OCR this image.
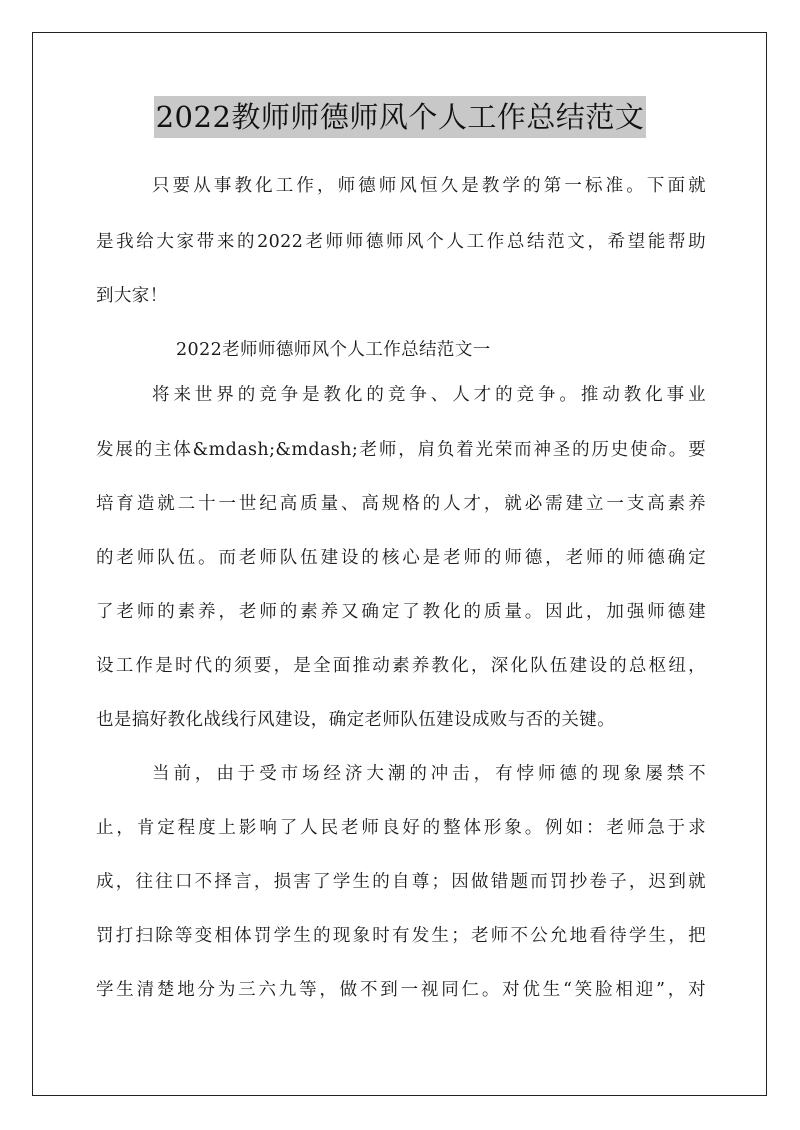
2022教师师德师风个人工作总结范文
只要从事教化工作，师德师风恒久是教学的第一标准。下面就
是我给大家带来的2022老师师德师风个人工作总结范文，希望能帮助
到大家！
2022老师师德师风个人工作总结范文一
将来世界的竞争是教化的竞争、人才的竞争。推动教化事业
发展的主体&mdash;&mdash;老师，肩负着光荣而神圣的历史使命。要
培育造就二十一世纪高质量、高规格的人才，就必需建立一支高素养
的老师队伍。而老师队伍建设的核心是老师的师德，老师的师德确定
了老师的素养，老师的素养又确定了教化的质量。因此，加强师德建
设工作是时代的须要，是全面推动素养教化，深化队伍建设的总枢纽，
也是搞好教化战线行风建设，确定老师队伍建设成败与否的关键。
当前，由于受市场经济大潮的冲击，有悖师德的现象屡禁不
止，肯定程度上影响了人民老师良好的整体形象。例如：老师急于求
成，往往口不择言，损害了学生的自尊；因做错题而罚抄卷子，迟到就
罚打扫除等变相体罚学生的现象时有发生；老师不公允地看待学生，把
学生清楚地分为三六九等，做不到一视同仁。对优生“笑脸相迎”，对
